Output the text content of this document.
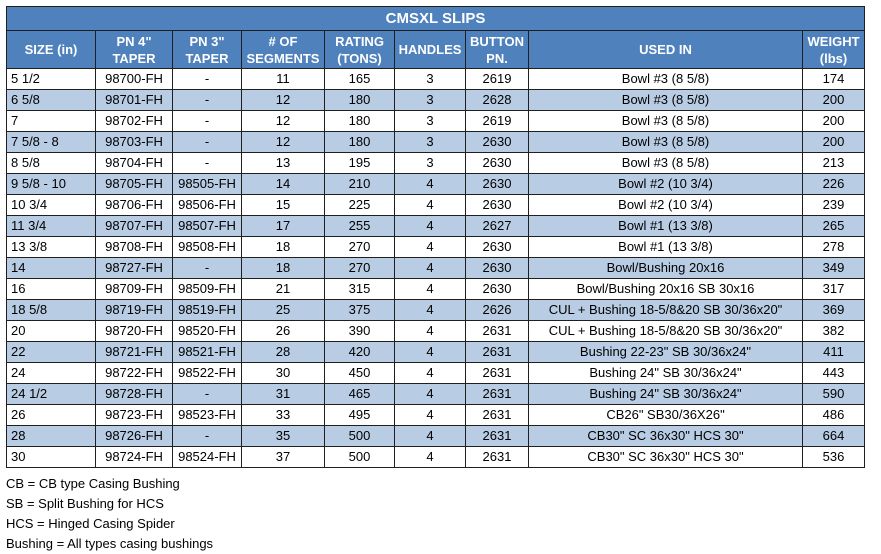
CMSXL SLIPS								
SIZE (in)	PN 4" TAPER	PN 3" TAPER	# OF SEGMENTS	RATING (TONS)	HANDLES	BUTTON PN.	USED IN	WEIGHT (lbs)
5 1/2	98700-FH	-	11	165	3	2619	Bowl #3 (8 5/8)	174
6 5/8	98701-FH	-	12	180	3	2628	Bowl #3 (8 5/8)	200
7	98702-FH	-	12	180	3	2619	Bowl #3 (8 5/8)	200
7 5/8 - 8	98703-FH	-	12	180	3	2630	Bowl #3 (8 5/8)	200
8 5/8	98704-FH	-	13	195	3	2630	Bowl #3 (8 5/8)	213
9 5/8 - 10	98705-FH	98505-FH	14	210	4	2630	Bowl #2 (10 3/4)	226
10 3/4	98706-FH	98506-FH	15	225	4	2630	Bowl #2 (10 3/4)	239
11 3/4	98707-FH	98507-FH	17	255	4	2627	Bowl #1 (13 3/8)	265
13 3/8	98708-FH	98508-FH	18	270	4	2630	Bowl #1 (13 3/8)	278
14	98727-FH	-	18	270	4	2630	Bowl/Bushing 20x16	349
16	98709-FH	98509-FH	21	315	4	2630	Bowl/Bushing 20x16 SB 30x16	317
18 5/8	98719-FH	98519-FH	25	375	4	2626	CUL + Bushing 18-5/8&20 SB 30/36x20"	369
20	98720-FH	98520-FH	26	390	4	2631	CUL + Bushing 18-5/8&20 SB 30/36x20"	382
22	98721-FH	98521-FH	28	420	4	2631	Bushing 22-23" SB 30/36x24"	411
24	98722-FH	98522-FH	30	450	4	2631	Bushing 24" SB 30/36x24"	443
24 1/2	98728-FH	-	31	465	4	2631	Bushing 24" SB 30/36x24"	590
26	98723-FH	98523-FH	33	495	4	2631	CB26" SB30/36X26"	486
28	98726-FH	-	35	500	4	2631	CB30" SC 36x30" HCS 30"	664
30	98724-FH	98524-FH	37	500	4	2631	CB30" SC 36x30" HCS 30"	536
CB = CB type Casing Bushing
SB = Split Bushing for HCS
HCS = Hinged Casing Spider
Bushing = All types casing bushings
